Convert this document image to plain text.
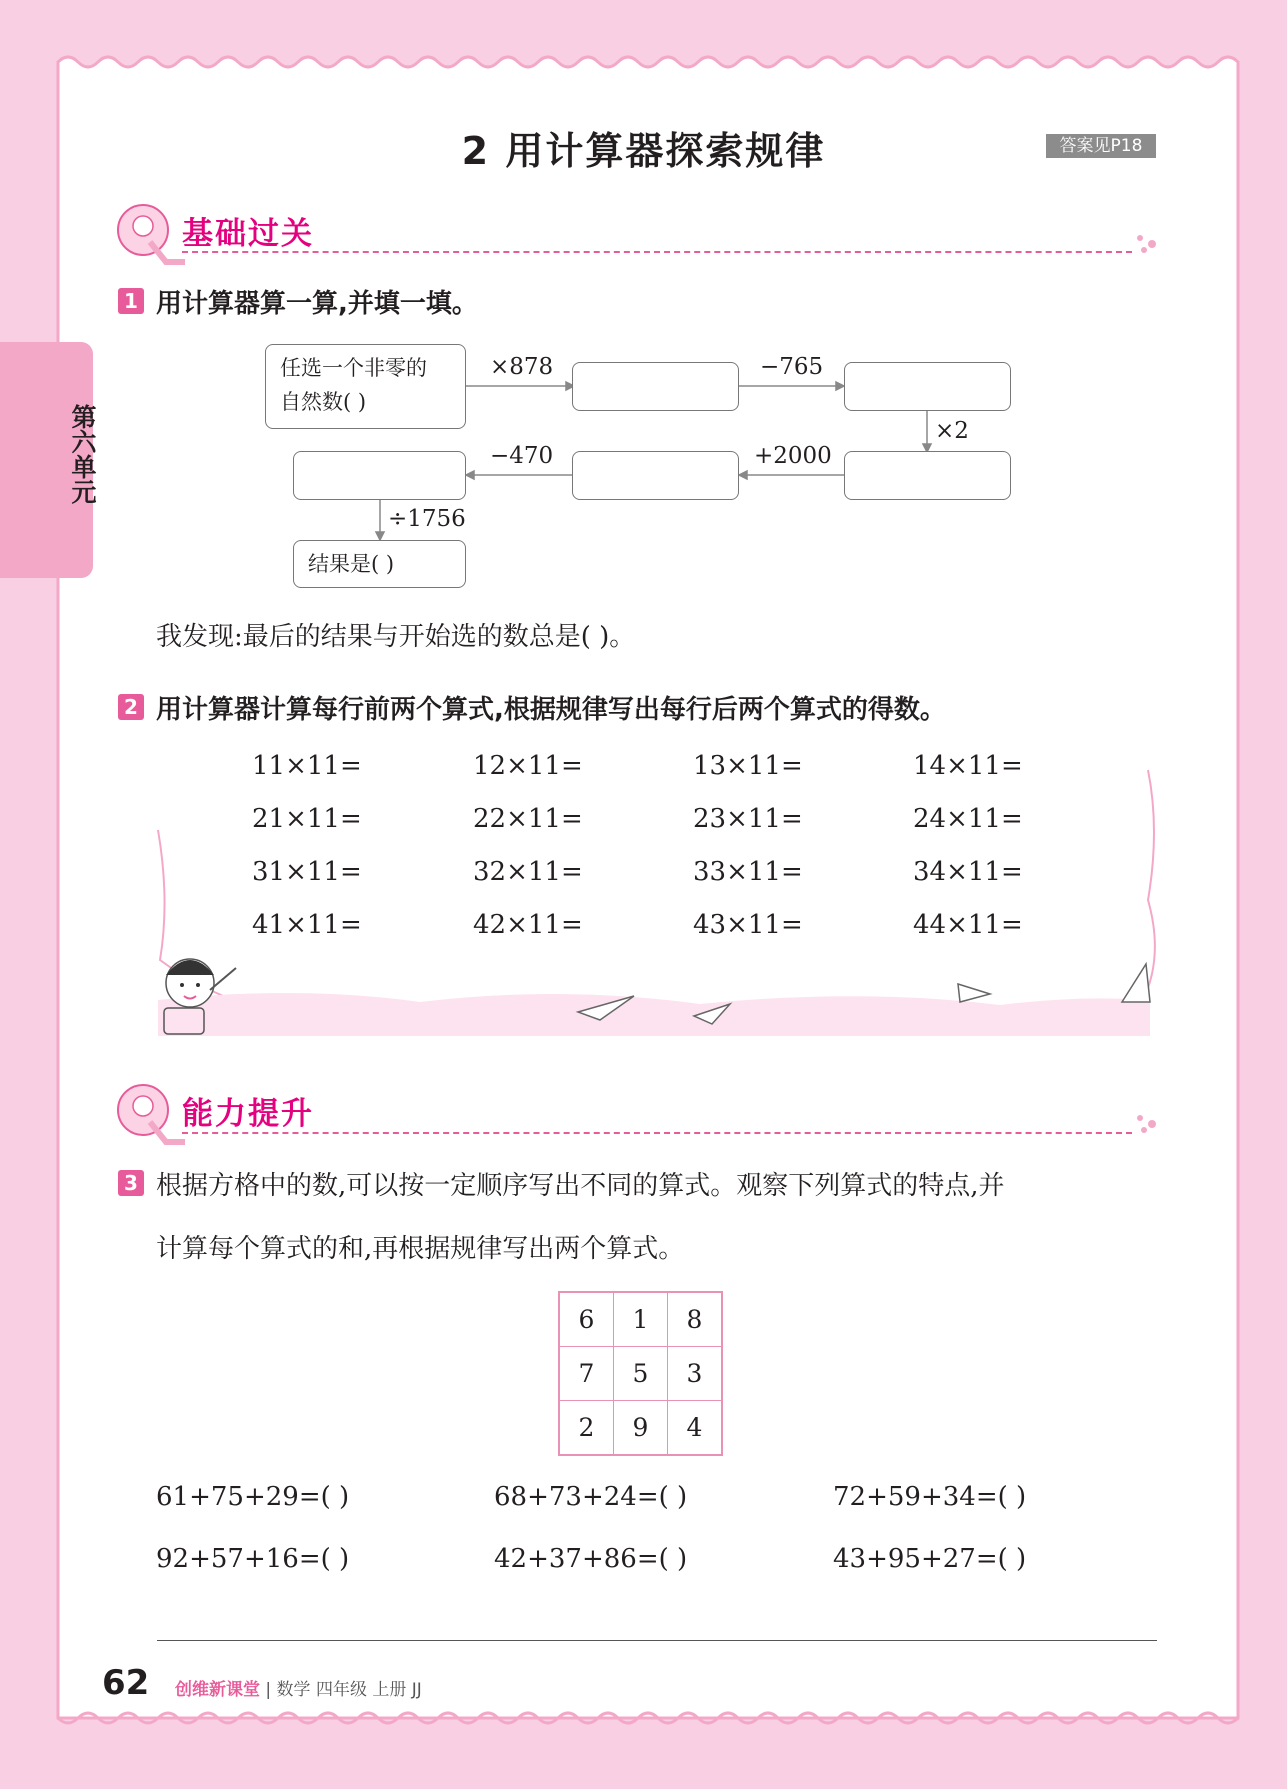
2 用计算器探索规律	答案见P18
第六单元
基础过关
1 用计算器算一算,并填一填。
任选一个非零的
自然数( )
×878	−765
×2
+2000
−470
÷1756
结果是( )
我发现:最后的结果与开始选的数总是( )。
2 用计算器计算每行前两个算式,根据规律写出每行后两个算式的得数。
11×11=	12×11=	13×11=	14×11=
21×11=	22×11=	23×11=	24×11=
31×11=	32×11=	33×11=	34×11=
41×11=	42×11=	43×11=	44×11=
能力提升
3 根据方格中的数,可以按一定顺序写出不同的算式。观察下列算式的特点,并
计算每个算式的和,再根据规律写出两个算式。
6	1	8
7	5	3
2	9	4
61+75+29=( )	68+73+24=( )	72+59+34=( )
92+57+16=( )	42+37+86=( )	43+95+27=( )
62 创维新课堂 | 数学 四年级 上册 JJ
